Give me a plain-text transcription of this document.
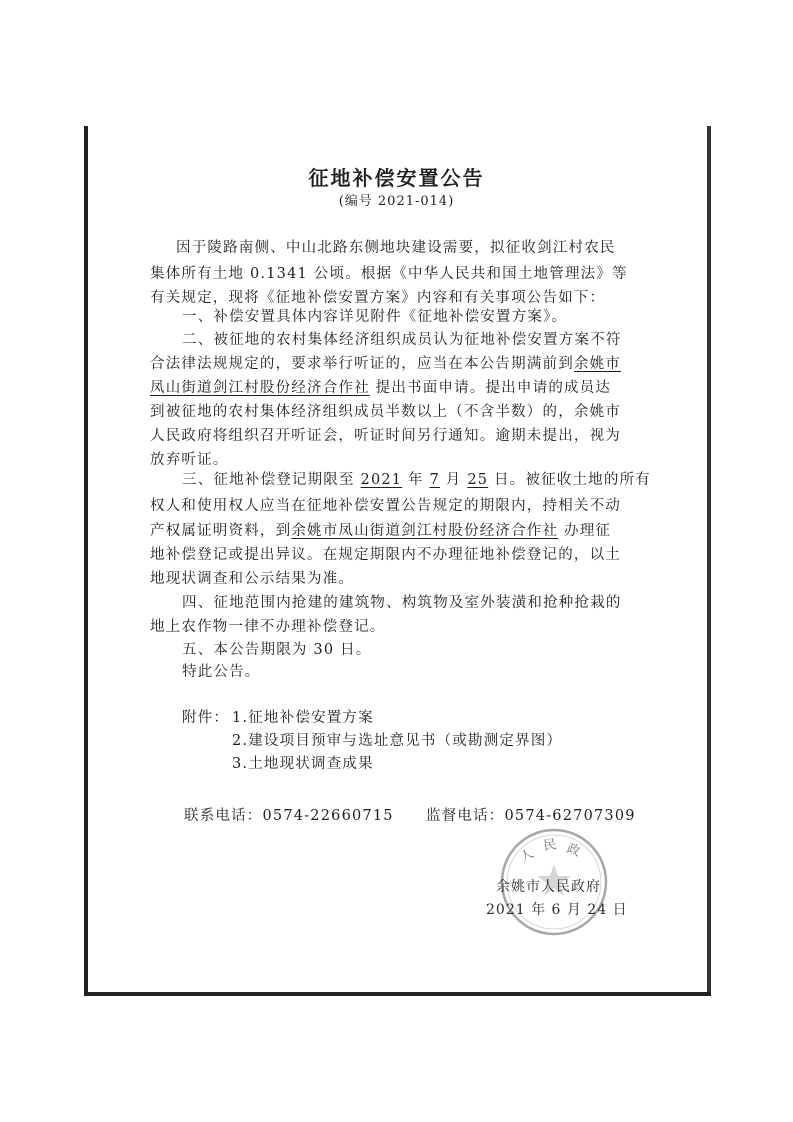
征地补偿安置公告
(编号 2021-014)
因于陵路南侧、中山北路东侧地块建设需要，拟征收剑江村农民
集体所有土地 0.1341 公顷。根据《中华人民共和国土地管理法》等
有关规定，现将《征地补偿安置方案》内容和有关事项公告如下：
一、补偿安置具体内容详见附件《征地补偿安置方案》。
二、被征地的农村集体经济组织成员认为征地补偿安置方案不符
合法律法规规定的，要求举行听证的，应当在本公告期满前到余姚市
凤山街道剑江村股份经济合作社 提出书面申请。提出申请的成员达
到被征地的农村集体经济组织成员半数以上（不含半数）的，余姚市
人民政府将组织召开听证会，听证时间另行通知。逾期未提出，视为
放弃听证。
三、征地补偿登记期限至 2021 年 7 月 25 日。被征收土地的所有
权人和使用权人应当在征地补偿安置公告规定的期限内，持相关不动
产权属证明资料，到余姚市凤山街道剑江村股份经济合作社 办理征
地补偿登记或提出异议。在规定期限内不办理征地补偿登记的，以土
地现状调查和公示结果为准。
四、征地范围内抢建的建筑物、构筑物及室外装潢和抢种抢栽的
地上农作物一律不办理补偿登记。
五、本公告期限为 30 日。
特此公告。
附件： 1.征地补偿安置方案
2.建设项目预审与选址意见书（或勘测定界图）
3.土地现状调查成果
联系电话：0574-22660715 监督电话：0574-62707309
人
民 政
余姚市人民政府
2021 年 6 月 24 日
